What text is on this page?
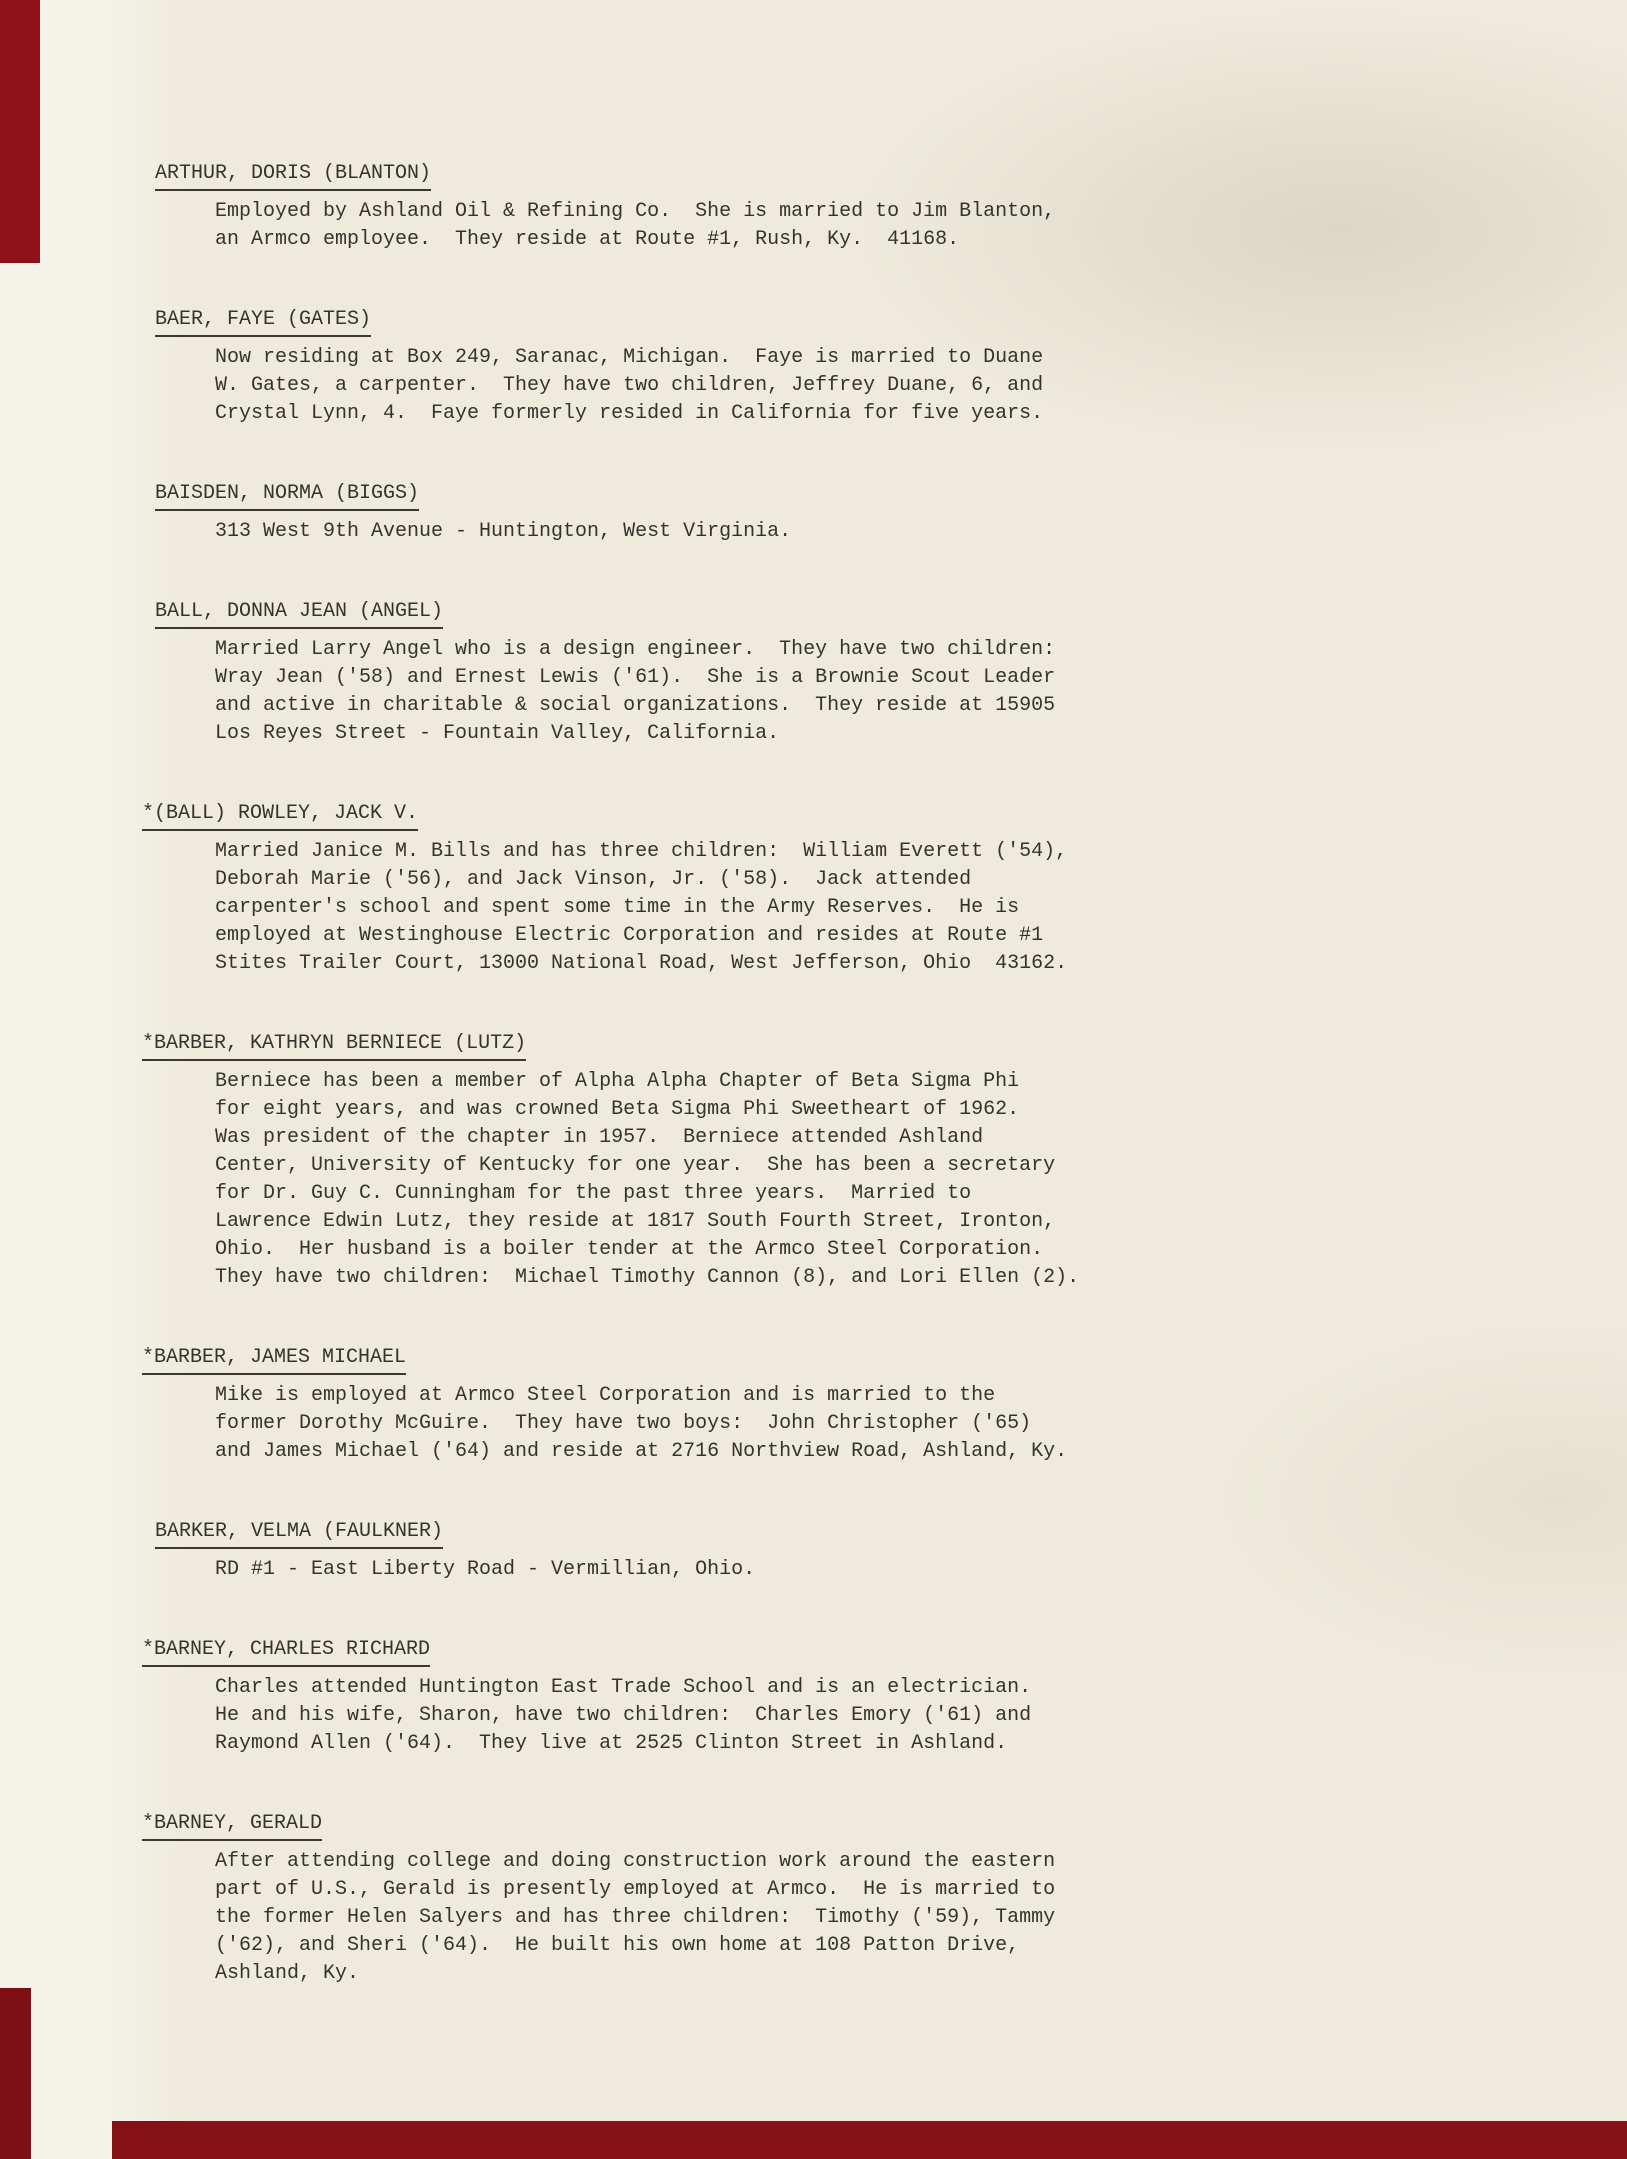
ARTHUR, DORIS (BLANTON)
Employed by Ashland Oil & Refining Co.  She is married to Jim Blanton,
an Armco employee.  They reside at Route #1, Rush, Ky.  41168.
BAER, FAYE (GATES)
Now residing at Box 249, Saranac, Michigan.  Faye is married to Duane
W. Gates, a carpenter.  They have two children, Jeffrey Duane, 6, and
Crystal Lynn, 4.  Faye formerly resided in California for five years.
BAISDEN, NORMA (BIGGS)
313 West 9th Avenue - Huntington, West Virginia.
BALL, DONNA JEAN (ANGEL)
Married Larry Angel who is a design engineer.  They have two children:
Wray Jean ('58) and Ernest Lewis ('61).  She is a Brownie Scout Leader
and active in charitable & social organizations.  They reside at 15905
Los Reyes Street - Fountain Valley, California.
*(BALL) ROWLEY, JACK V.
Married Janice M. Bills and has three children:  William Everett ('54),
Deborah Marie ('56), and Jack Vinson, Jr. ('58).  Jack attended
carpenter's school and spent some time in the Army Reserves.  He is
employed at Westinghouse Electric Corporation and resides at Route #1
Stites Trailer Court, 13000 National Road, West Jefferson, Ohio  43162.
*BARBER, KATHRYN BERNIECE (LUTZ)
Berniece has been a member of Alpha Alpha Chapter of Beta Sigma Phi
for eight years, and was crowned Beta Sigma Phi Sweetheart of 1962.
Was president of the chapter in 1957.  Berniece attended Ashland
Center, University of Kentucky for one year.  She has been a secretary
for Dr. Guy C. Cunningham for the past three years.  Married to
Lawrence Edwin Lutz, they reside at 1817 South Fourth Street, Ironton,
Ohio.  Her husband is a boiler tender at the Armco Steel Corporation.
They have two children:  Michael Timothy Cannon (8), and Lori Ellen (2).
*BARBER, JAMES MICHAEL
Mike is employed at Armco Steel Corporation and is married to the
former Dorothy McGuire.  They have two boys:  John Christopher ('65)
and James Michael ('64) and reside at 2716 Northview Road, Ashland, Ky.
BARKER, VELMA (FAULKNER)
RD #1 - East Liberty Road - Vermillian, Ohio.
*BARNEY, CHARLES RICHARD
Charles attended Huntington East Trade School and is an electrician.
He and his wife, Sharon, have two children:  Charles Emory ('61) and
Raymond Allen ('64).  They live at 2525 Clinton Street in Ashland.
*BARNEY, GERALD
After attending college and doing construction work around the eastern
part of U.S., Gerald is presently employed at Armco.  He is married to
the former Helen Salyers and has three children:  Timothy ('59), Tammy
('62), and Sheri ('64).  He built his own home at 108 Patton Drive,
Ashland, Ky.
